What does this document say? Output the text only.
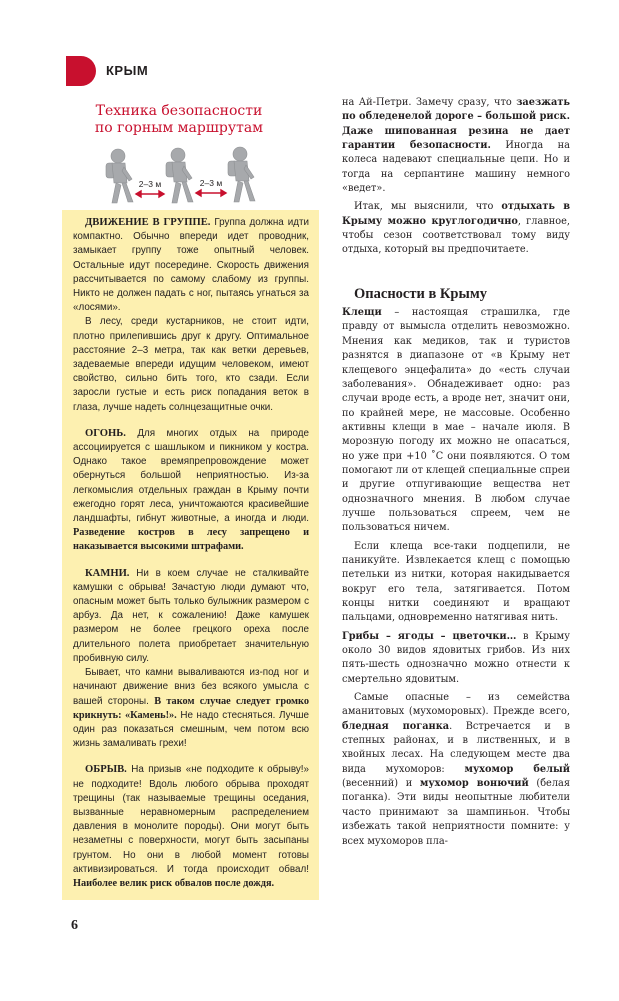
КРЫМ
Техника безопасности
по горным маршрутам
2–3 м	2–3 м

ДВИЖЕНИЕ В ГРУППЕ. Группа должна идти компактно. Обычно впереди идет проводник, замыкает группу тоже опытный человек. Остальные идут посередине. Скорость движения рассчитывается по самому слабому из группы. Никто не должен падать с ног, пытаясь угнаться за «лосями».

В лесу, среди кустарников, не стоит идти, плотно прилепившись друг к другу. Оптимальное расстояние 2–3 метра, так как ветки деревьев, задеваемые впереди идущим человеком, имеют свойство, сильно бить того, кто сзади. Если заросли густые и есть риск попадания веток в глаза, лучше надеть солнцезащитные очки.

ОГОНЬ. Для многих отдых на природе ассоциируется с шашлыком и пикником у костра. Однако такое времяпрепровождение может обернуться большой неприятностью. Из-за легкомыслия отдельных граждан в Крыму почти ежегодно горят леса, уничтожаются красивейшие ландшафты, гибнут животные, а иногда и люди. Разведение костров в лесу запрещено и наказывается высокими штрафами.

КАМНИ. Ни в коем случае не сталкивайте камушки с обрыва! Зачастую люди думают что, опасным может быть только булыжник размером с арбуз. Да нет, к сожалению! Даже камушек размером не более грецкого ореха после длительного полета приобретает значительную пробивную силу.

Бывает, что камни вываливаются из-под ног и начинают движение вниз без всякого умысла с вашей стороны. В таком случае следует громко крикнуть: «Камень!». Не надо стесняться. Лучше один раз показаться смешным, чем потом всю жизнь замаливать грехи!

ОБРЫВ. На призыв «не подходите к обрыву!» не подходите! Вдоль любого обрыва проходят трещины (так называемые трещины оседания, вызванные неравномерным распределением давления в монолите породы). Они могут быть незаметны с поверхности, могут быть засыпаны грунтом. Но они в любой момент готовы активизироваться. И тогда происходит обвал! Наиболее велик риск обвалов после дождя.

на Ай-Петри. Замечу сразу, что заезжать по обледенелой дороге – большой риск. Даже шипованная резина не дает гарантии безопасности. Иногда на колеса надевают специальные цепи. Но и тогда на серпантине машину немного «ведет».

Итак, мы выяснили, что отдыхать в Крыму можно круглогодично, главное, чтобы сезон соответствовал тому виду отдыха, который вы предпочитаете.

Опасности в Крыму

Клещи – настоящая страшилка, где правду от вымысла отделить невозможно. Мнения как медиков, так и туристов разнятся в диапазоне от «в Крыму нет клещевого энцефалита» до «есть случаи заболевания». Обнадеживает одно: раз случаи вроде есть, а вроде нет, значит они, по крайней мере, не массовые. Особенно активны клещи в мае – начале июля. В морозную погоду их можно не опасаться, но уже при +10 ˚С они появляются. О том помогают ли от клещей специальные спреи и другие отпугивающие вещества нет однозначного мнения. В любом случае лучше пользоваться спреем, чем не пользоваться ничем.

Если клеща все-таки подцепили, не паникуйте. Извлекается клещ с помощью петельки из нитки, которая накидывается вокруг его тела, затягивается. Потом концы нитки соединяют и вращают пальцами, одновременно натягивая нить.

Грибы – ягоды – цветочки… в Крыму около 30 видов ядовитых грибов. Из них пять-шесть однозначно можно отнести к смертельно ядовитым.

Самые опасные – из семейства аманитовых (мухоморовых). Прежде всего, бледная поганка. Встречается и в степных районах, и в лиственных, и в хвойных лесах. На следующем месте два вида мухоморов: мухомор белый (весенний) и мухомор вонючий (белая поганка). Эти виды неопытные любители часто принимают за шампиньон. Чтобы избежать такой неприятности помните: у всех мухоморов пла-

6
